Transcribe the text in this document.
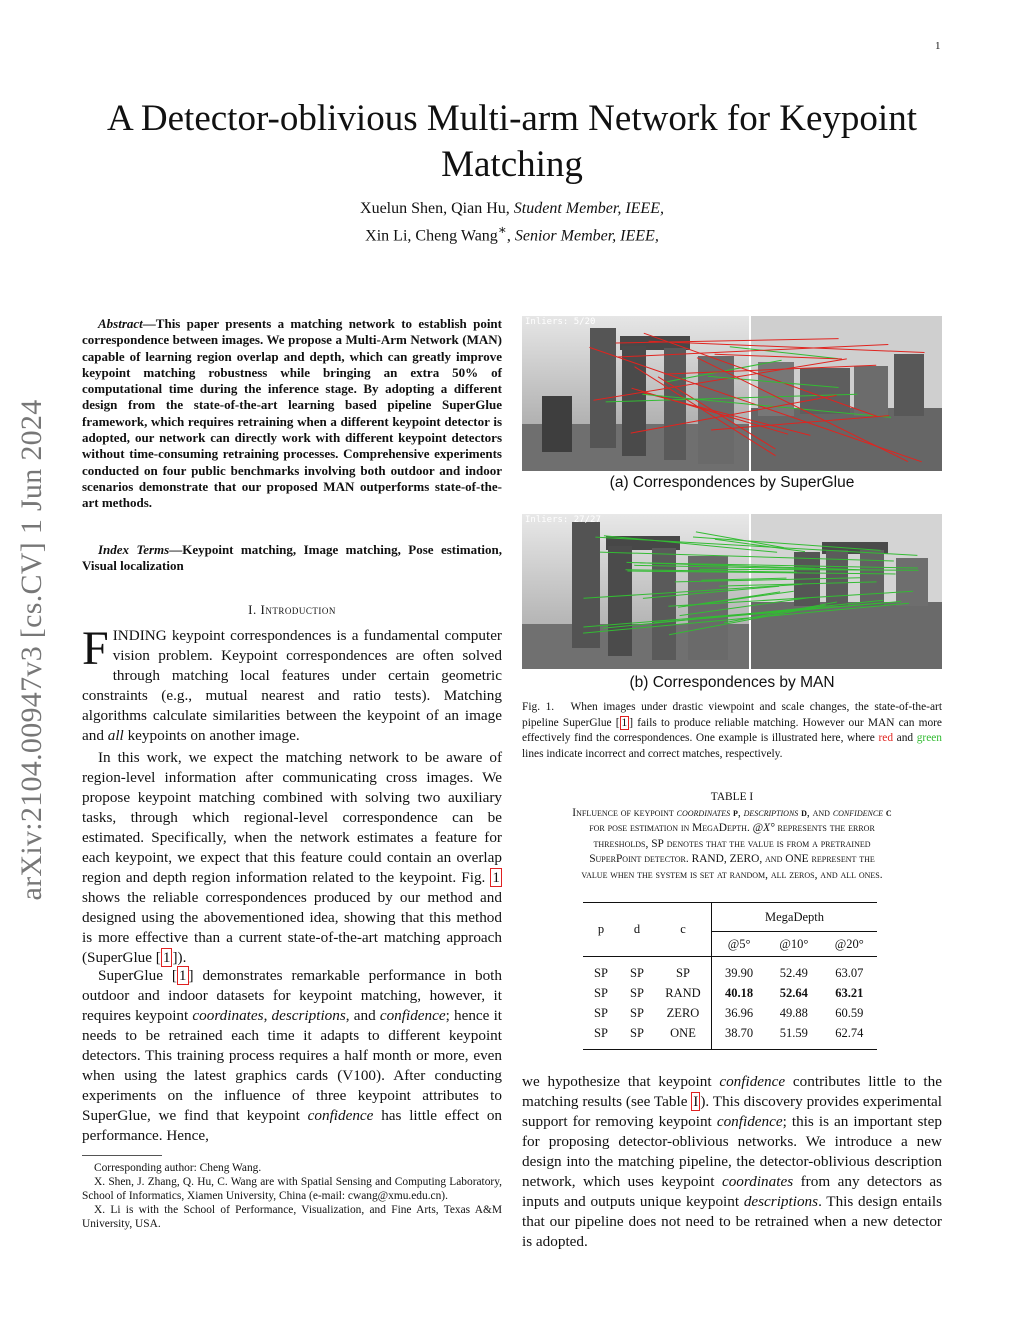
1
A Detector-oblivious Multi-arm Network for Keypoint Matching
Xuelun Shen, Qian Hu, Student Member, IEEE,
Xin Li, Cheng Wang∗, Senior Member, IEEE,
arXiv:2104.00947v3 [cs.CV] 1 Jun 2024

Abstract—This paper presents a matching network to establish point correspondence between images. We propose a Multi-Arm Network (MAN) capable of learning region overlap and depth, which can greatly improve keypoint matching robustness while bringing an extra 50% of computational time during the inference stage. By adopting a different design from the state-of-the-art learning based pipeline SuperGlue framework, which requires retraining when a different keypoint detector is adopted, our network can directly work with different keypoint detectors without time-consuming retraining processes. Comprehensive experiments conducted on four public benchmarks involving both outdoor and indoor scenarios demonstrate that our proposed MAN outperforms state-of-the-art methods.

Index Terms—Keypoint matching, Image matching, Pose estimation, Visual localization

I. Introduction

FINDING keypoint correspondences is a fundamental computer vision problem. Keypoint correspondences are often solved through matching local features under certain geometric constraints (e.g., mutual nearest and ratio tests). Matching algorithms calculate similarities between the keypoint of an image and all keypoints on another image.

In this work, we expect the matching network to be aware of region-level information after communicating cross images. We propose keypoint matching combined with solving two auxiliary tasks, through which regional-level correspondence can be estimated. Specifically, when the network estimates a feature for each keypoint, we expect that this feature could contain an overlap region and depth region information related to the keypoint. Fig. 1 shows the reliable correspondences produced by our method and designed using the abovementioned idea, showing that this method is more effective than a current state-of-the-art matching approach (SuperGlue [ 1 ]).

SuperGlue [ 1 ] demonstrates remarkable performance in both outdoor and indoor datasets for keypoint matching, however, it requires keypoint coordinates, descriptions, and confidence; hence it needs to be retrained each time it adapts to different keypoint detectors. This training process requires a half month or more, even when using the latest graphics cards (V100). After conducting experiments on the influence of three keypoint attributes to SuperGlue, we find that keypoint confidence has little effect on performance. Hence,

Corresponding author: Cheng Wang.

X. Shen, J. Zhang, Q. Hu, C. Wang are with Spatial Sensing and Computing Laboratory, School of Informatics, Xiamen University, China (e-mail: cwang@xmu.edu.cn).

X. Li is with the School of Performance, Visualization, and Fine Arts, Texas A&M University, USA.

Inliers: 5/20
(a) Correspondences by SuperGlue
Inliers: 27/27
(b) Correspondences by MAN

Fig. 1. When images under drastic viewpoint and scale changes, the state-of-the-art pipeline SuperGlue [ 1 ] fails to produce reliable matching. However our MAN can more effectively find the correspondences. One example is illustrated here, where red and green lines indicate incorrect and correct matches, respectively.

TABLE I
Influence of keypoint coordinates p, descriptions d, and confidence c
for pose estimation in MegaDepth. @X° represents the error
thresholds, SP denotes that the value is from a pretrained
SuperPoint detector. RAND, ZERO, and ONE represent the
value when the system is set at random, all zeros, and all ones.
p	d	c	MegaDepth		
			@5°	@10°	@20°
SP	SP	SP	39.90	52.49	63.07
SP	SP	RAND	40.18	52.64	63.21
SP	SP	ZERO	36.96	49.88	60.59
SP	SP	ONE	38.70	51.59	62.74

we hypothesize that keypoint confidence contributes little to the matching results (see Table I ). This discovery provides experimental support for removing keypoint confidence; this is an important step for proposing detector-oblivious networks. We introduce a new design into the matching pipeline, the detector-oblivious description network, which uses keypoint coordinates from any detectors as inputs and outputs unique keypoint descriptions. This design entails that our pipeline does not need to be retrained when a new detector is adopted.
